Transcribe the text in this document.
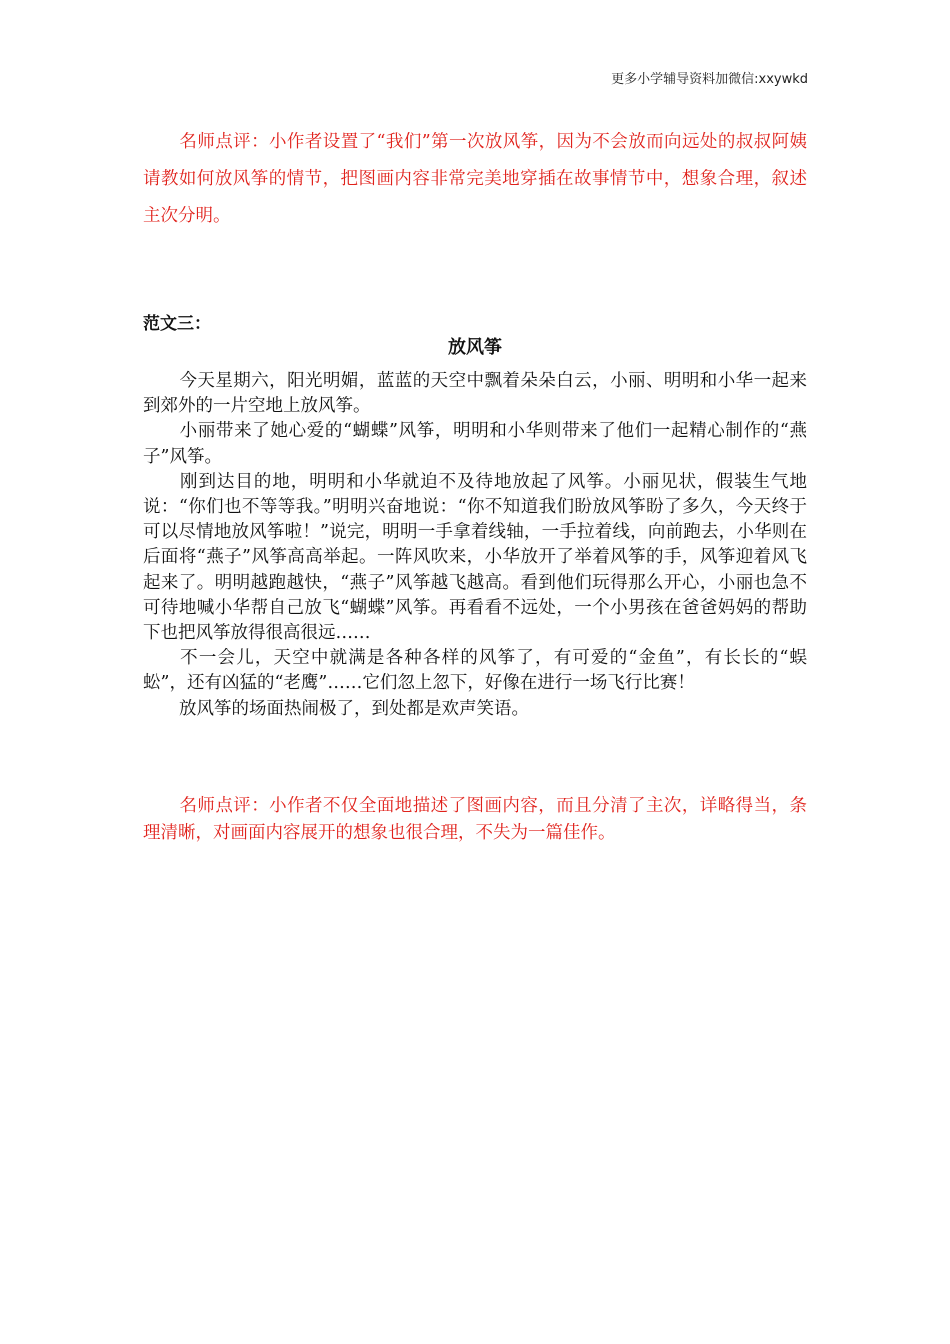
更多小学辅导资料加微信:xxywkd
名师点评：小作者设置了“我们”第一次放风筝，因为不会放而向远处的叔叔阿姨请教如何放风筝的情节，把图画内容非常完美地穿插在故事情节中，想象合理，叙述主次分明。
范文三：
放风筝

今天星期六，阳光明媚，蓝蓝的天空中飘着朵朵白云，小丽、明明和小华一起来到郊外的一片空地上放风筝。

小丽带来了她心爱的“蝴蝶”风筝，明明和小华则带来了他们一起精心制作的“燕子”风筝。

刚到达目的地，明明和小华就迫不及待地放起了风筝。小丽见状，假装生气地说：“你们也不等等我。”明明兴奋地说：“你不知道我们盼放风筝盼了多久，今天终于可以尽情地放风筝啦！”说完，明明一手拿着线轴，一手拉着线，向前跑去，小华则在后面将“燕子”风筝高高举起。一阵风吹来，小华放开了举着风筝的手，风筝迎着风飞起来了。明明越跑越快，“燕子”风筝越飞越高。看到他们玩得那么开心，小丽也急不可待地喊小华帮自己放飞“蝴蝶”风筝。再看看不远处，一个小男孩在爸爸妈妈的帮助下也把风筝放得很高很远……

不一会儿，天空中就满是各种各样的风筝了，有可爱的“金鱼”，有长长的“蜈蚣”，还有凶猛的“老鹰”……它们忽上忽下，好像在进行一场飞行比赛！

放风筝的场面热闹极了，到处都是欢声笑语。

名师点评：小作者不仅全面地描述了图画内容，而且分清了主次，详略得当，条理清晰，对画面内容展开的想象也很合理，不失为一篇佳作。
